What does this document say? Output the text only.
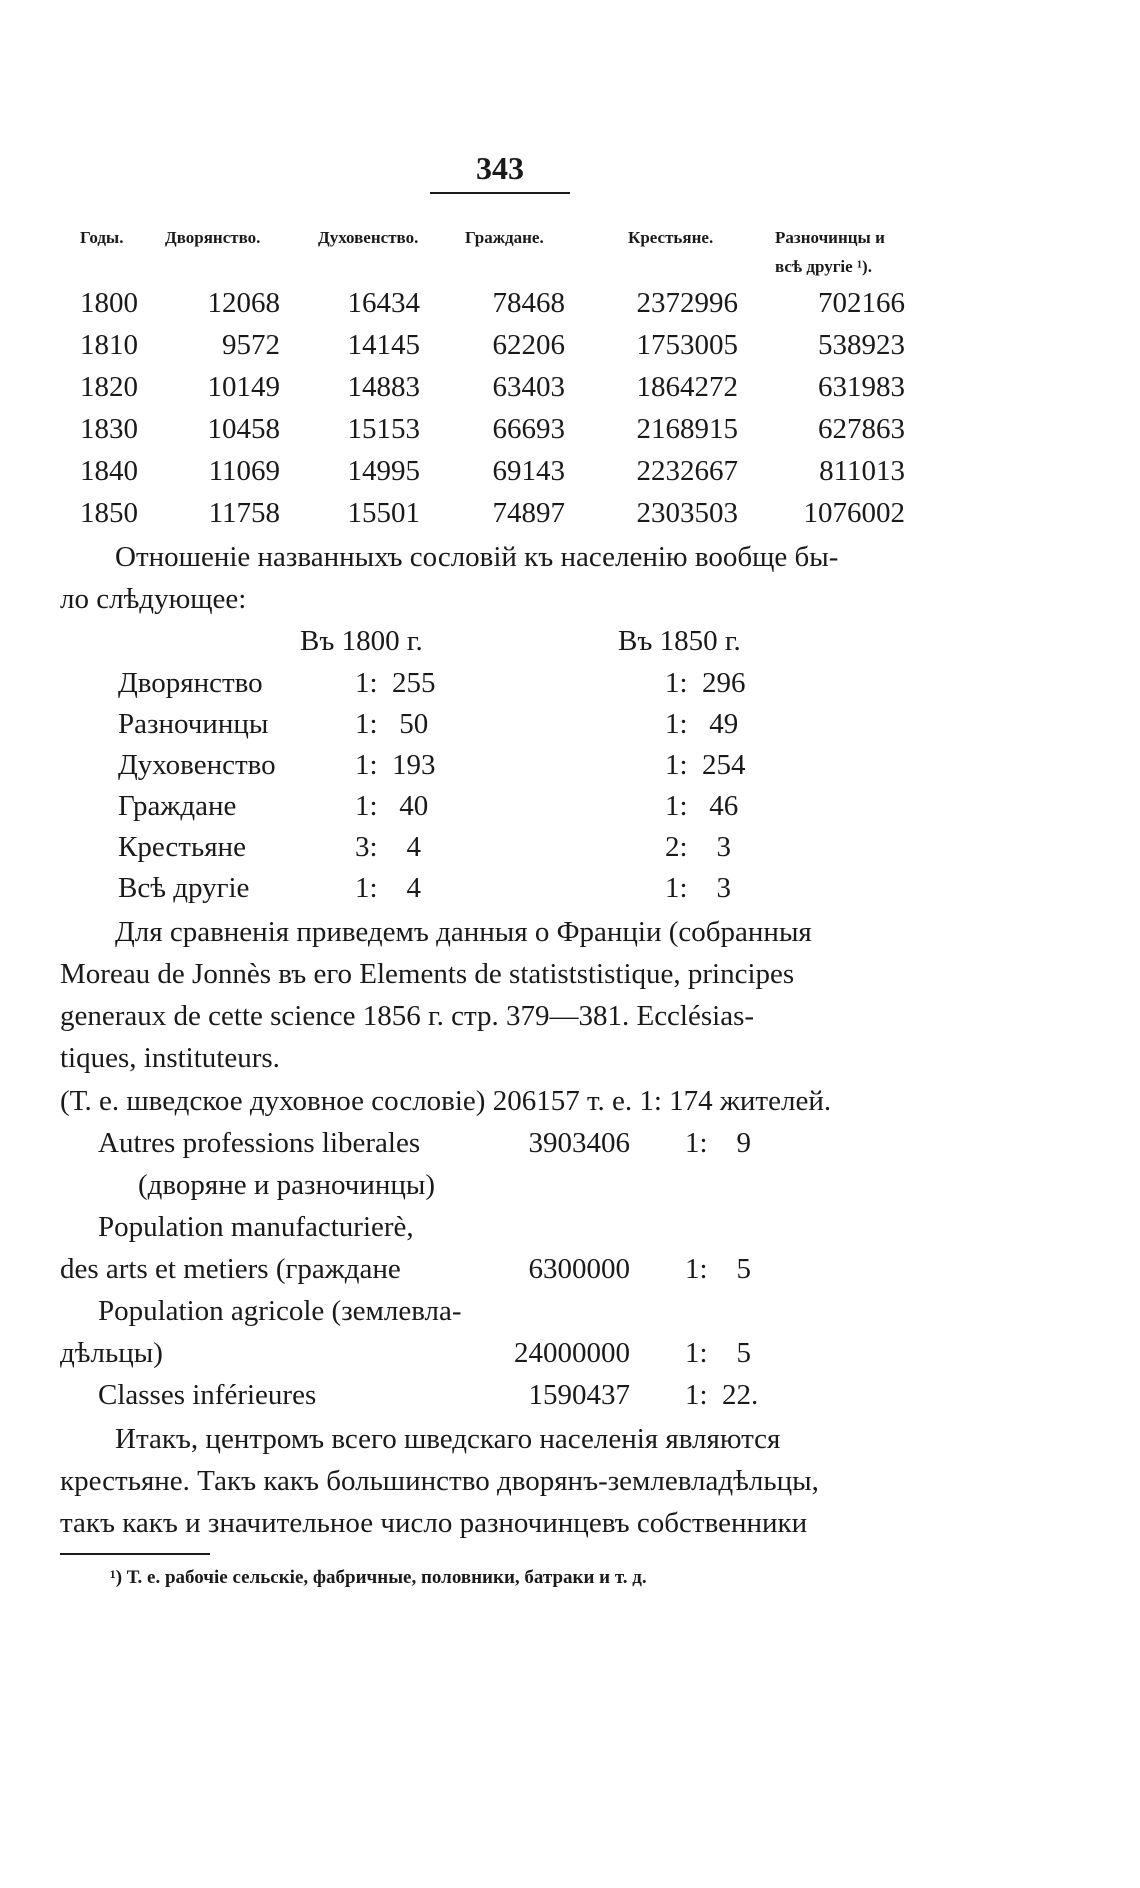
343
Годы. Дворянство.	Духовенство.	Граждане.	Крестьяне.	Разночинцы и
всѣ другіе ¹).
1800 12068 16434	78468 2372996	702166
1810	9572 14145	62206 1753005	538923
1820 10149 14883	63403 1864272	631983
1830 10458 15153	66693 2168915	627863
1840 11069 14995	69143 2232667	811013
1850 11758 15501	74897 2303503 1076002
Отношеніе названныхъ сословій къ населенію вообще бы-
ло слѣдующее:
Въ 1800 г.	Въ 1850 г.
Дворянство	1:  255	1:  296
Разночинцы	1:   50	1:   49
Духовенство	1:  193	1:  254
Граждане	1:   40	1:   46
Крестьяне	3:    4	2:    3
Всѣ другіе	1:    4	1:    3
Для сравненія приведемъ данныя о Франціи (собранныя
Moreau de Jonnès въ его Elements de statiststistique, principes
generaux de cette science 1856 г. стр. 379—381. Ecclésias-
tiques, instituteurs.
(Т. е. шведское духовное сословіе) 206157 т. е. 1: 174 жителей.
Autres professions liberales	3903406 1:    9
(дворяне и разночинцы)
Population manufacturierè,
des arts et metiers (граждане	6300000 1:    5
Population agricole (землевла-
дѣльцы)	24000000 1:    5
Classes inférieures	1590437 1:  22.
Итакъ, центромъ всего шведскаго населенія являются
крестьяне. Такъ какъ большинство дворянъ-землевладѣльцы,
такъ какъ и значительное число разночинцевъ собственники
¹) Т. е. рабочіе сельскіе, фабричные, половники, батраки и т. д.
